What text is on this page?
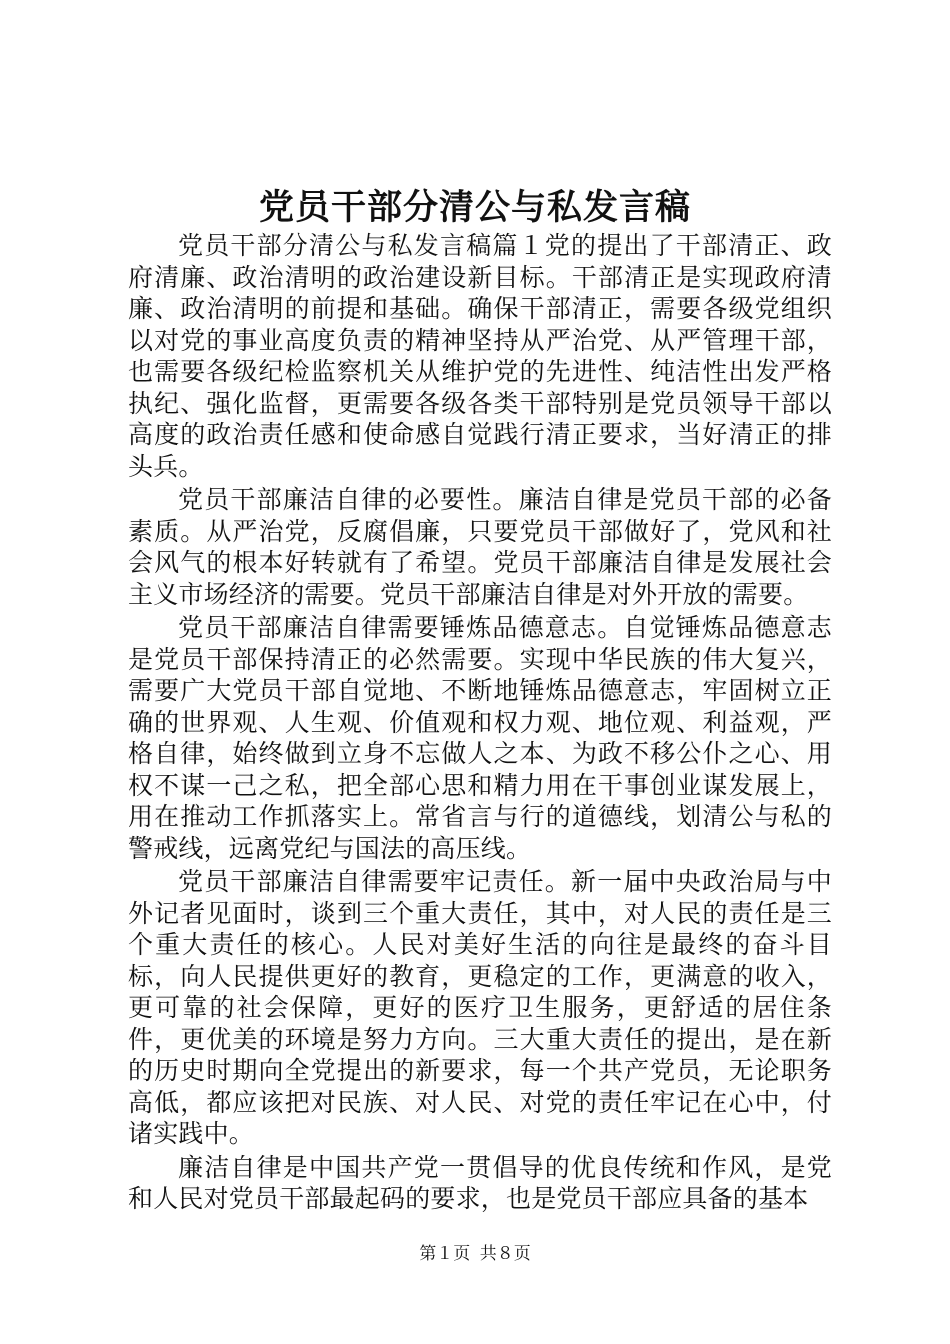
党员干部分清公与私发言稿

党员干部分清公与私发言稿篇１党的提出了干部清正、政府清廉、政治清明的政治建设新目标。干部清正是实现政府清廉、政治清明的前提和基础。确保干部清正，需要各级党组织以对党的事业高度负责的精神坚持从严治党、从严管理干部，也需要各级纪检监察机关从维护党的先进性、纯洁性出发严格执纪、强化监督，更需要各级各类干部特别是党员领导干部以高度的政治责任感和使命感自觉践行清正要求，当好清正的排头兵。

党员干部廉洁自律的必要性。廉洁自律是党员干部的必备素质。从严治党，反腐倡廉，只要党员干部做好了，党风和社会风气的根本好转就有了希望。党员干部廉洁自律是发展社会主义市场经济的需要。党员干部廉洁自律是对外开放的需要。

党员干部廉洁自律需要锤炼品德意志。自觉锤炼品德意志是党员干部保持清正的必然需要。实现中华民族的伟大复兴，需要广大党员干部自觉地、不断地锤炼品德意志，牢固树立正确的世界观、人生观、价值观和权力观、地位观、利益观，严格自律，始终做到立身不忘做人之本、为政不移公仆之心、用权不谋一己之私，把全部心思和精力用在干事创业谋发展上，用在推动工作抓落实上。常省言与行的道德线，划清公与私的警戒线，远离党纪与国法的高压线。

党员干部廉洁自律需要牢记责任。新一届中央政治局与中外记者见面时，谈到三个重大责任，其中，对人民的责任是三个重大责任的核心。人民对美好生活的向往是最终的奋斗目标，向人民提供更好的教育，更稳定的工作，更满意的收入，更可靠的社会保障，更好的医疗卫生服务，更舒适的居住条件，更优美的环境是努力方向。三大重大责任的提出，是在新的历史时期向全党提出的新要求，每一个共产党员，无论职务高低，都应该把对民族、对人民、对党的责任牢记在心中，付诸实践中。

廉洁自律是中国共产党一贯倡导的优良传统和作风，是党和人民对党员干部最起码的要求，也是党员干部应具备的基本

第１页 共８页
